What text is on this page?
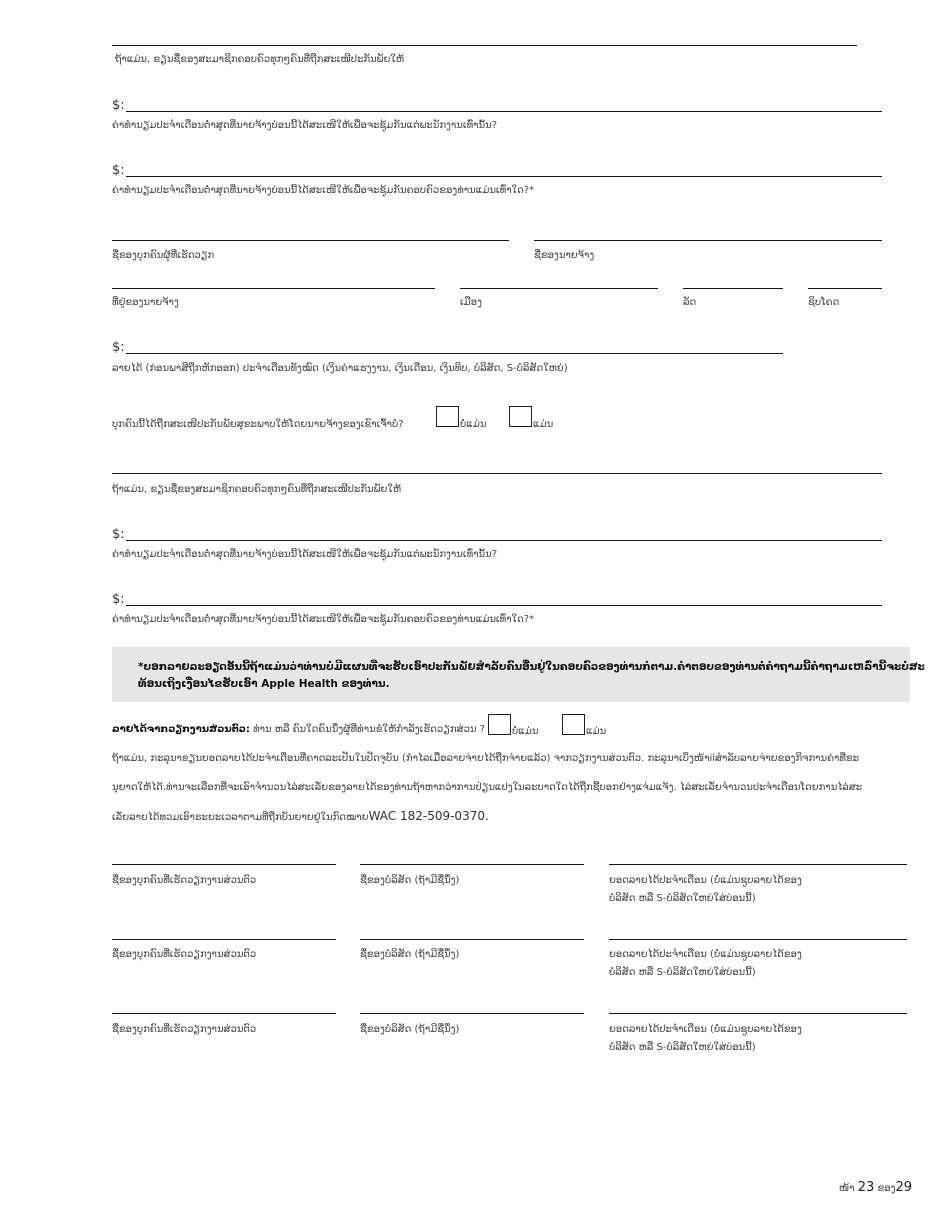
ຖ້າແມ່ນ, ຂຽນຊື່ຂອງສະມາຊິກຄອບຄົວທຸກໆຄົນທີ່ຖືກສະເໜີປະກັນພັຍໃຫ້
$:
ຄ່າທຳນຽມປະຈຳເດືອນຕ່ຳສຸດທີ່ນາຍຈ້າງບ່ອນນີ້ໄດ້ສະເໜີໃຫ້ເພື່ອຈະຊຸ້ມກັນແຕ່ພະນັກງານເທົ່ານັ້ນ?
$:
ຄ່າທຳນຽມປະຈຳເດືອນຕ່ຳສຸດທີ່ນາຍຈ້າງບ່ອນນີ້ໄດ້ສະເໜີໃຫ້ເພື່ອຈະຊຸ້ມກັນຄອບຄົວຂອງທ່ານແມ່ນເທົ່າໃດ?*
ຊື່ຂອງບຸກຄົນຜູ້ທີ່ເຮັດວຽກ	ຊື່ຂອງນາຍຈ້າງ
ທີ່ຢູ່ຂອງນາຍຈ້າງ	ເມືອງ	ລັດ	ຊິບໂຄດ
$:
ລາຍໄດ້ (ກ່ອນພາສີຖືກຫັກອອກ) ປະຈຳເດືອນທັງໝົດ (ເງິນຄ່າແຮງງານ, ເງິນເດືອນ, ເງິນທິບ, ບໍລິສັດ, S-ບໍລິສັດໃຫຍ່)
ບຸກຄົນນີ້ໄດ້ຖືກສະເໜີປະກັນພັຍສຸຂະພາບໃຫ້ໂດຍນາຍຈ້າງຂອງເຂົາເຈົ້າບໍ່?	ບໍ່ແມ່ນ	ແມ່ນ
ຖ້າແມ່ນ, ຂຽນຊື່ຂອງສະມາຊິກຄອບຄົວທຸກໆຄົນທີ່ຖືກສະເໜີປະກັນພັຍໃຫ້
$:
ຄ່າທຳນຽມປະຈຳເດືອນຕ່ຳສຸດທີ່ນາຍຈ້າງບ່ອນນີ້ໄດ້ສະເໜີໃຫ້ເພື່ອຈະຊຸ້ມກັນແຕ່ພະນັກງານເທົ່ານັ້ນ?
$:
ຄ່າທຳນຽມປະຈຳເດືອນຕ່ຳສຸດທີ່ນາຍຈ້າງບ່ອນນີ້ໄດ້ສະເໜີໃຫ້ເພື່ອຈະຊຸ້ມກັນຄອບຄົວຂອງທ່ານແມ່ນເທົ່າໃດ?*
*ບອກລາຍລະອຽດອັນນີ້ຖ້າແມ່ນວ່າທ່ານບໍ່ມີແຜນທີ່ຈະຮັບເອົາປະກັນພັຍສຳລັບຄົນອື່ນຢູ່ໃນຄອບຄົວຂອງທ່ານກໍຕາມ.ຄຳຕອບຂອງທ່ານຕໍ່ຄຳຖາມນີ້ຄຳຖາມເຫລົ່ານີ້ຈະບໍ່ສະ
ທ້ອນເຖິງເງື່ອນໄຂຮັບເອົາ Apple Health ຂອງທ່ານ.
ລາຍໄດ້ຈາກວຽກງານສ່ວນຕົວ: ທ່ານ ຫລື ຄົນໃດຄົນນຶ່ງຜູ້ທີ່ທ່ານຂໍໃຫ້ກຳລັງເຮັດວຽກສ່ວນ ?	ບໍ່ແມ່ນ	ແມ່ນ
ຖ້າແມ່ນ, ກະລຸນາຂຽນຍອດລາຍໄດ້ປະຈຳເດືອນທີ່ຄາດລະເປັນໃນປັດຈຸບັນ (ກຳໄລເມື່ອລາຍຈ່າຍໄດ້ຖືກຈ່າຍແລ້ວ) ຈາກວຽກງານສ່ວນຕົວ. ກະລຸນາເບິ່ງໜ້າiiສຳລັບລາຍຈ່າຍຂອງກິຈການຄ່າທີ່ຂະ
ນຸຍາດໃຫ້ໄດ້.ທ່ານຈະເລືອກທີ່ຈະເອົາຈຳນວນໄລ່ສະເລັ່ຍຂອງລາຍໄດ້ຂອງທ່ານຖ້າຫາກວ່າການປ່ຽນແປງໃນລະບາດໃດໄດ້ຖືກຊີ້ບອກຢ່າງແຈ່ມແຈ້ງ. ໄລ່ສະເລັ່ຍຈຳນວນປະຈຳເດືອນໂດຍການໄລ່ສະ
ເລັ່ຍລາຍໄດ້ທວມເອົາຣະຍະເວລາຕາມທີ່ຖືກບັນຍາຍຢູ່ໃນກົດໝາຍWAC 182-509-0370.
ຊື່ຂອງບຸກຄົນທີ່ເຮັດວຽກງານສ່ວນຕົວ	ຊື່ຂອງບໍລິສັດ (ຖ້າມີຊື່ນຶ່ງ)	ຍອດລາຍໄດ້ປະຈຳເດືອນ (ບໍ່ແມ່ນຊູບລາຍໄດ້ຂອງ
ບໍລິສັດ ຫລື S-ບໍລິສັດໃຫຍ່ໃສ່ບ່ອນນີ້)
ຊື່ຂອງບຸກຄົນທີ່ເຮັດວຽກງານສ່ວນຕົວ	ຊື່ຂອງບໍລິສັດ (ຖ້າມີຊື່ນຶ່ງ)	ຍອດລາຍໄດ້ປະຈຳເດືອນ (ບໍ່ແມ່ນຊູບລາຍໄດ້ຂອງ
ບໍລິສັດ ຫລື S-ບໍລິສັດໃຫຍ່ໃສ່ບ່ອນນີ້)
ຊື່ຂອງບຸກຄົນທີ່ເຮັດວຽກງານສ່ວນຕົວ	ຊື່ຂອງບໍລິສັດ (ຖ້າມີຊື່ນຶ່ງ)	ຍອດລາຍໄດ້ປະຈຳເດືອນ (ບໍ່ແມ່ນຊູບລາຍໄດ້ຂອງ
ບໍລິສັດ ຫລື S-ບໍລິສັດໃຫຍ່ໃສ່ບ່ອນນີ້)
ໜ້າ 23 ຂອງ29
